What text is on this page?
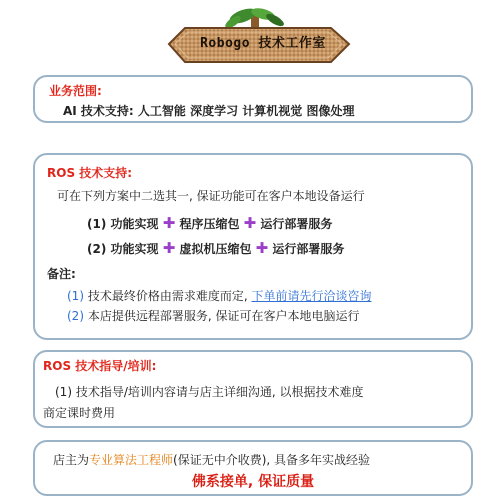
Robogo 技术工作室
业务范围:
AI 技术支持: 人工智能 深度学习 计算机视觉 图像处理
ROS 技术支持:
可在下列方案中二选其一, 保证功能可在客户本地设备运行
(1) 功能实现 ✚ 程序压缩包 ✚ 运行部署服务
(2) 功能实现 ✚ 虚拟机压缩包 ✚ 运行部署服务
备注:
(1) 技术最终价格由需求难度而定, 下单前请先行洽谈咨询
(2) 本店提供远程部署服务, 保证可在客户本地电脑运行
ROS 技术指导/培训:
(1) 技术指导/培训内容请与店主详细沟通, 以根据技术难度
商定课时费用
店主为专业算法工程师(保证无中介收费), 具备多年实战经验
佛系接单, 保证质量
